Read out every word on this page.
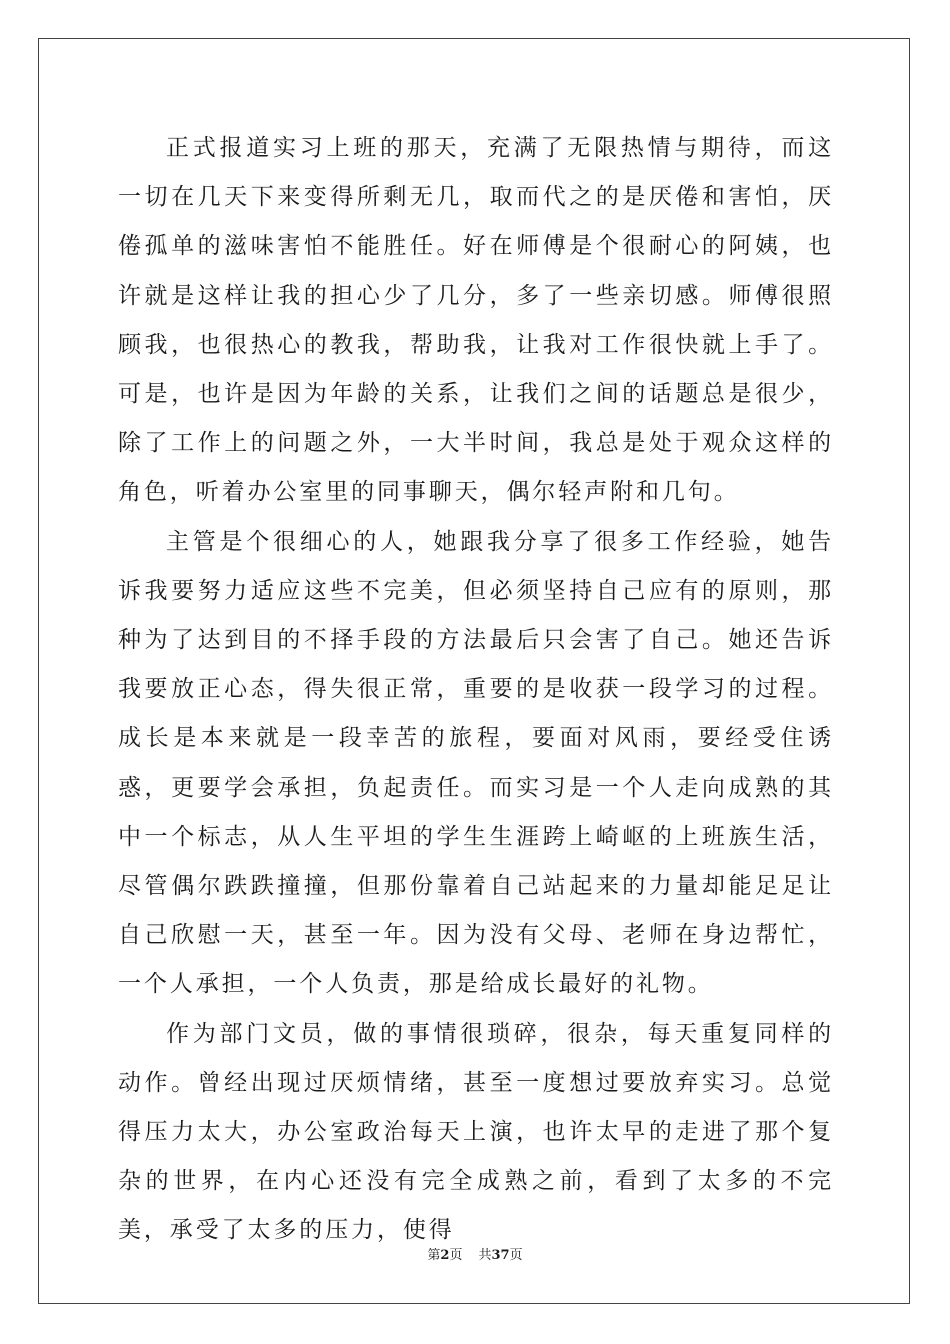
正式报道实习上班的那天，充满了无限热情与期待，而这一切在几天下来变得所剩无几，取而代之的是厌倦和害怕，厌倦孤单的滋味害怕不能胜任。好在师傅是个很耐心的阿姨，也许就是这样让我的担心少了几分，多了一些亲切感。师傅很照顾我，也很热心的教我，帮助我，让我对工作很快就上手了。可是，也许是因为年龄的关系，让我们之间的话题总是很少，除了工作上的问题之外，一大半时间，我总是处于观众这样的角色，听着办公室里的同事聊天，偶尔轻声附和几句。

主管是个很细心的人，她跟我分享了很多工作经验，她告诉我要努力适应这些不完美，但必须坚持自己应有的原则，那种为了达到目的不择手段的方法最后只会害了自己。她还告诉我要放正心态，得失很正常，重要的是收获一段学习的过程。成长是本来就是一段幸苦的旅程，要面对风雨，要经受住诱惑，更要学会承担，负起责任。而实习是一个人走向成熟的其中一个标志，从人生平坦的学生生涯跨上崎岖的上班族生活，尽管偶尔跌跌撞撞，但那份靠着自己站起来的力量却能足足让自己欣慰一天，甚至一年。因为没有父母、老师在身边帮忙，一个人承担，一个人负责，那是给成长最好的礼物。

作为部门文员，做的事情很琐碎，很杂，每天重复同样的动作。曾经出现过厌烦情绪，甚至一度想过要放弃实习。总觉得压力太大，办公室政治每天上演，也许太早的走进了那个复杂的世界，在内心还没有完全成熟之前，看到了太多的不完美，承受了太多的压力，使得

第2页 共37页
